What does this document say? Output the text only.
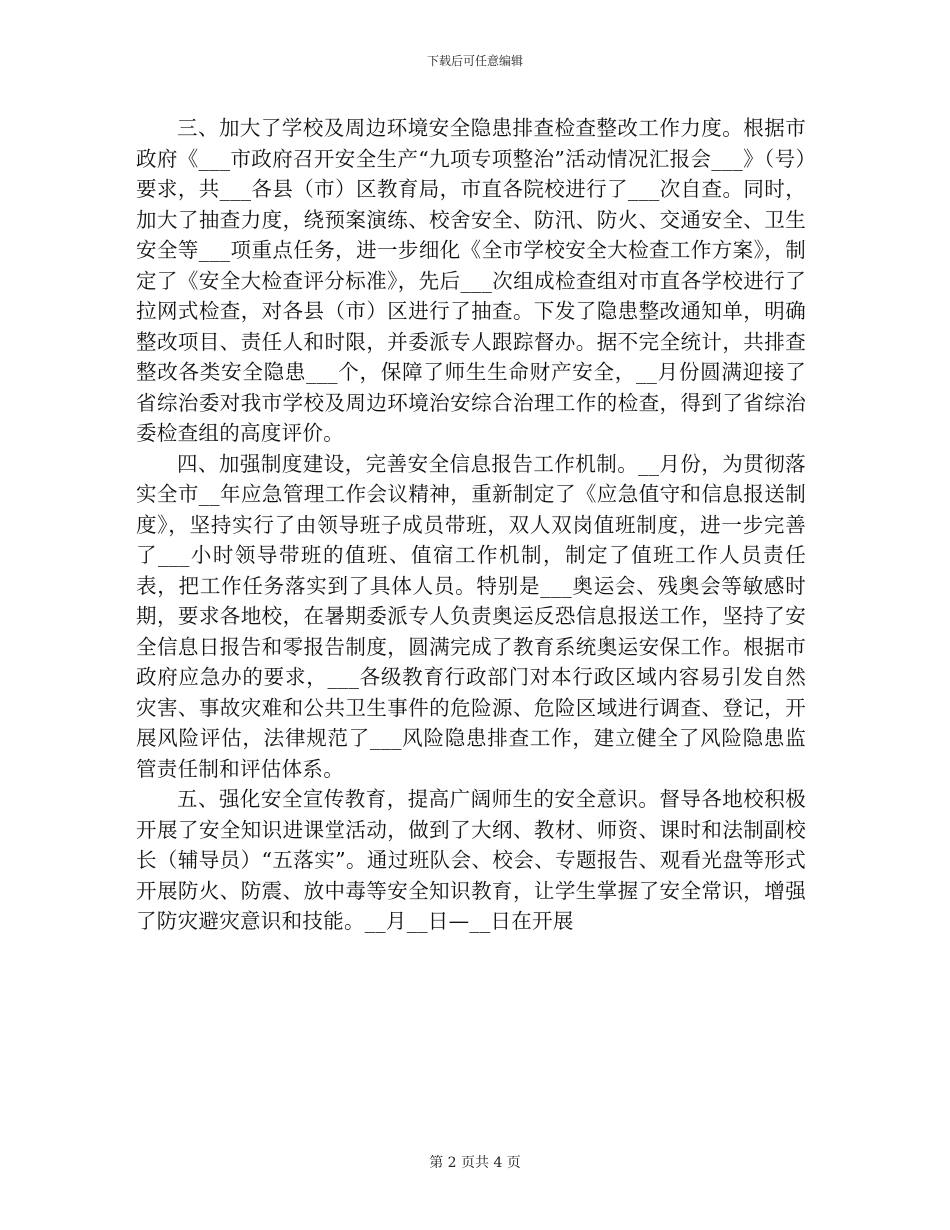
下载后可任意编辑

三、加大了学校及周边环境安全隐患排查检查整改工作力度。根据市政府《___市政府召开安全生产“九项专项整治”活动情况汇报会___》（号）要求，共___各县（市）区教育局，市直各院校进行了___次自查。同时，加大了抽查力度，绕预案演练、校舍安全、防汛、防火、交通安全、卫生安全等___项重点任务，进一步细化《全市学校安全大检查工作方案》，制定了《安全大检查评分标准》，先后___次组成检查组对市直各学校进行了拉网式检查，对各县（市）区进行了抽查。下发了隐患整改通知单，明确整改项目、责任人和时限，并委派专人跟踪督办。据不完全统计，共排查整改各类安全隐患___个，保障了师生生命财产安全，__月份圆满迎接了省综治委对我市学校及周边环境治安综合治理工作的检查，得到了省综治委检查组的高度评价。

四、加强制度建设，完善安全信息报告工作机制。__月份，为贯彻落实全市__年应急管理工作会议精神，重新制定了《应急值守和信息报送制度》，坚持实行了由领导班子成员带班，双人双岗值班制度，进一步完善了___小时领导带班的值班、值宿工作机制，制定了值班工作人员责任表，把工作任务落实到了具体人员。特别是___奥运会、残奥会等敏感时期，要求各地校，在暑期委派专人负责奥运反恐信息报送工作，坚持了安全信息日报告和零报告制度，圆满完成了教育系统奥运安保工作。根据市政府应急办的要求，___各级教育行政部门对本行政区域内容易引发自然灾害、事故灾难和公共卫生事件的危险源、危险区域进行调查、登记，开展风险评估，法律规范了___风险隐患排查工作，建立健全了风险隐患监管责任制和评估体系。

五、强化安全宣传教育，提高广阔师生的安全意识。督导各地校积极开展了安全知识进课堂活动，做到了大纲、教材、师资、课时和法制副校长（辅导员）“五落实”。通过班队会、校会、专题报告、观看光盘等形式开展防火、防震、放中毒等安全知识教育，让学生掌握了安全常识，增强了防灾避灾意识和技能。__月__日—__日在开展

第 2 页共 4 页
